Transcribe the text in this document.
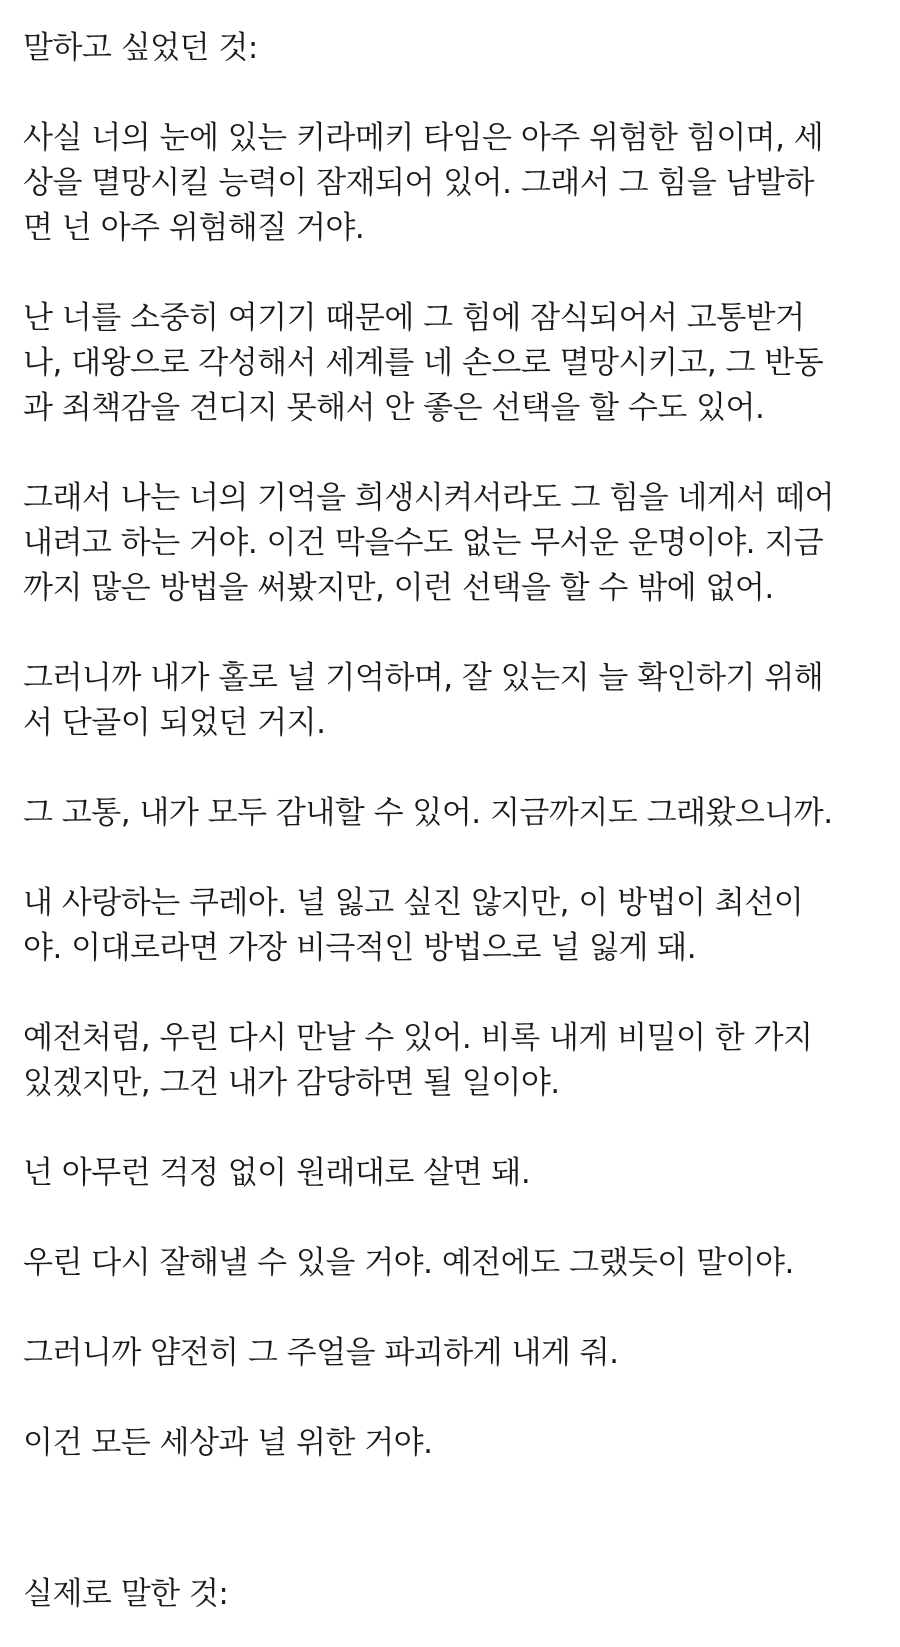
말하고 싶었던 것:

사실 너의 눈에 있는 키라메키 타임은 아주 위험한 힘이며, 세
상을 멸망시킬 능력이 잠재되어 있어. 그래서 그 힘을 남발하
면 넌 아주 위험해질 거야.

난 너를 소중히 여기기 때문에 그 힘에 잠식되어서 고통받거
나, 대왕으로 각성해서 세계를 네 손으로 멸망시키고, 그 반동
과 죄책감을 견디지 못해서 안 좋은 선택을 할 수도 있어.

그래서 나는 너의 기억을 희생시켜서라도 그 힘을 네게서 떼어
내려고 하는 거야. 이건 막을수도 없는 무서운 운명이야. 지금
까지 많은 방법을 써봤지만, 이런 선택을 할 수 밖에 없어.

그러니까 내가 홀로 널 기억하며, 잘 있는지 늘 확인하기 위해
서 단골이 되었던 거지.

그 고통, 내가 모두 감내할 수 있어. 지금까지도 그래왔으니까.

내 사랑하는 쿠레아. 널 잃고 싶진 않지만, 이 방법이 최선이
야. 이대로라면 가장 비극적인 방법으로 널 잃게 돼.

예전처럼, 우린 다시 만날 수 있어. 비록 내게 비밀이 한 가지
있겠지만, 그건 내가 감당하면 될 일이야.

넌 아무런 걱정 없이 원래대로 살면 돼.

우린 다시 잘해낼 수 있을 거야. 예전에도 그랬듯이 말이야.

그러니까 얌전히 그 주얼을 파괴하게 내게 줘.

이건 모든 세상과 널 위한 거야.

실제로 말한 것:
